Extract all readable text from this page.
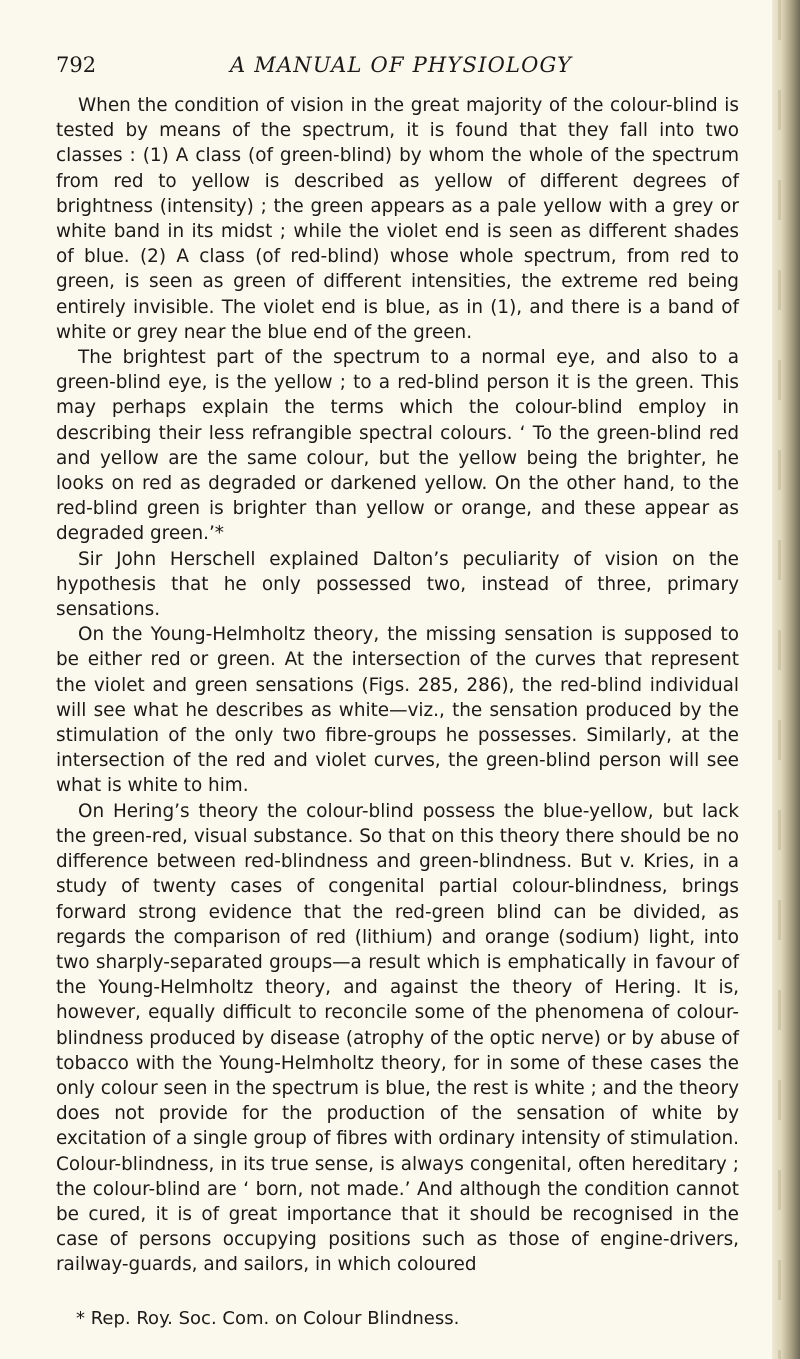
792	A MANUAL OF PHYSIOLOGY

When the condition of vision in the great majority of the colour-blind is tested by means of the spectrum, it is found that they fall into two classes : (1) A class (of green-blind) by whom the whole of the spectrum from red to yellow is described as yellow of different degrees of brightness (intensity) ; the green appears as a pale yellow with a grey or white band in its midst ; while the violet end is seen as different shades of blue. (2) A class (of red-blind) whose whole spectrum, from red to green, is seen as green of different intensities, the extreme red being entirely invisible. The violet end is blue, as in (1), and there is a band of white or grey near the blue end of the green.

The brightest part of the spectrum to a normal eye, and also to a green-blind eye, is the yellow ; to a red-blind person it is the green. This may perhaps explain the terms which the colour-blind employ in describing their less refrangible spectral colours. ‘ To the green-blind red and yellow are the same colour, but the yellow being the brighter, he looks on red as degraded or darkened yellow. On the other hand, to the red-blind green is brighter than yellow or orange, and these appear as degraded green.’*

Sir John Herschell explained Dalton’s peculiarity of vision on the hypothesis that he only possessed two, instead of three, primary sensations.

On the Young-Helmholtz theory, the missing sensation is supposed to be either red or green. At the intersection of the curves that represent the violet and green sensations (Figs. 285, 286), the red-blind individual will see what he describes as white—viz., the sensation produced by the stimulation of the only two fibre-groups he possesses. Similarly, at the intersection of the red and violet curves, the green-blind person will see what is white to him.

On Hering’s theory the colour-blind possess the blue-yellow, but lack the green-red, visual substance. So that on this theory there should be no difference between red-blindness and green-blindness. But v. Kries, in a study of twenty cases of congenital partial colour-blindness, brings forward strong evidence that the red-green blind can be divided, as regards the comparison of red (lithium) and orange (sodium) light, into two sharply-separated groups—a result which is emphatically in favour of the Young-Helmholtz theory, and against the theory of Hering. It is, however, equally difficult to reconcile some of the phenomena of colour-blindness produced by disease (atrophy of the optic nerve) or by abuse of tobacco with the Young-Helmholtz theory, for in some of these cases the only colour seen in the spectrum is blue, the rest is white ; and the theory does not provide for the production of the sensation of white by excitation of a single group of fibres with ordinary intensity of stimulation. Colour-blindness, in its true sense, is always congenital, often hereditary ; the colour-blind are ‘ born, not made.’ And although the condition cannot be cured, it is of great importance that it should be recognised in the case of persons occupying positions such as those of engine-drivers, railway-guards, and sailors, in which coloured

* Rep. Roy. Soc. Com. on Colour Blindness.
